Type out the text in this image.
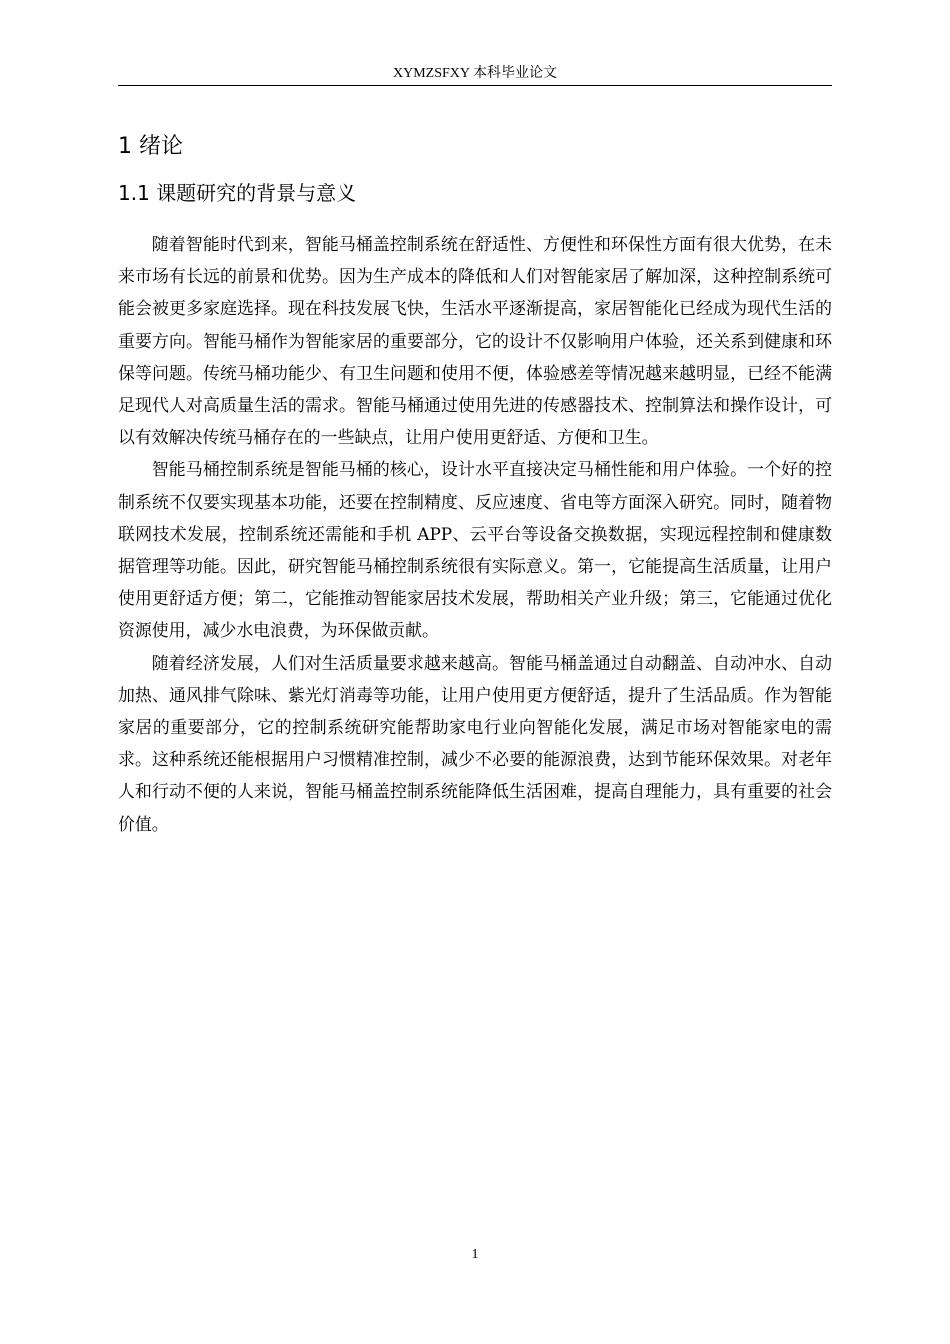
XYMZSFXY 本科毕业论文
1 绪论
1.1 课题研究的背景与意义

随着智能时代到来，智能马桶盖控制系统在舒适性、方便性和环保性方面有很大优势，在未来市场有长远的前景和优势。因为生产成本的降低和人们对智能家居了解加深，这种控制系统可能会被更多家庭选择。现在科技发展飞快，生活水平逐渐提高，家居智能化已经成为现代生活的重要方向。智能马桶作为智能家居的重要部分，它的设计不仅影响用户体验，还关系到健康和环保等问题。传统马桶功能少、有卫生问题和使用不便，体验感差等情况越来越明显，已经不能满足现代人对高质量生活的需求。智能马桶通过使用先进的传感器技术、控制算法和操作设计，可以有效解决传统马桶存在的一些缺点，让用户使用更舒适、方便和卫生。

智能马桶控制系统是智能马桶的核心，设计水平直接决定马桶性能和用户体验。一个好的控制系统不仅要实现基本功能，还要在控制精度、反应速度、省电等方面深入研究。同时，随着物联网技术发展，控制系统还需能和手机 APP、云平台等设备交换数据，实现远程控制和健康数据管理等功能。因此，研究智能马桶控制系统很有实际意义。第一，它能提高生活质量，让用户使用更舒适方便；第二，它能推动智能家居技术发展，帮助相关产业升级；第三，它能通过优化资源使用，减少水电浪费，为环保做贡献。

随着经济发展，人们对生活质量要求越来越高。智能马桶盖通过自动翻盖、自动冲水、自动加热、通风排气除味、紫光灯消毒等功能，让用户使用更方便舒适，提升了生活品质。作为智能家居的重要部分，它的控制系统研究能帮助家电行业向智能化发展，满足市场对智能家电的需求。这种系统还能根据用户习惯精准控制，减少不必要的能源浪费，达到节能环保效果。对老年人和行动不便的人来说，智能马桶盖控制系统能降低生活困难，提高自理能力，具有重要的社会价值。

1
